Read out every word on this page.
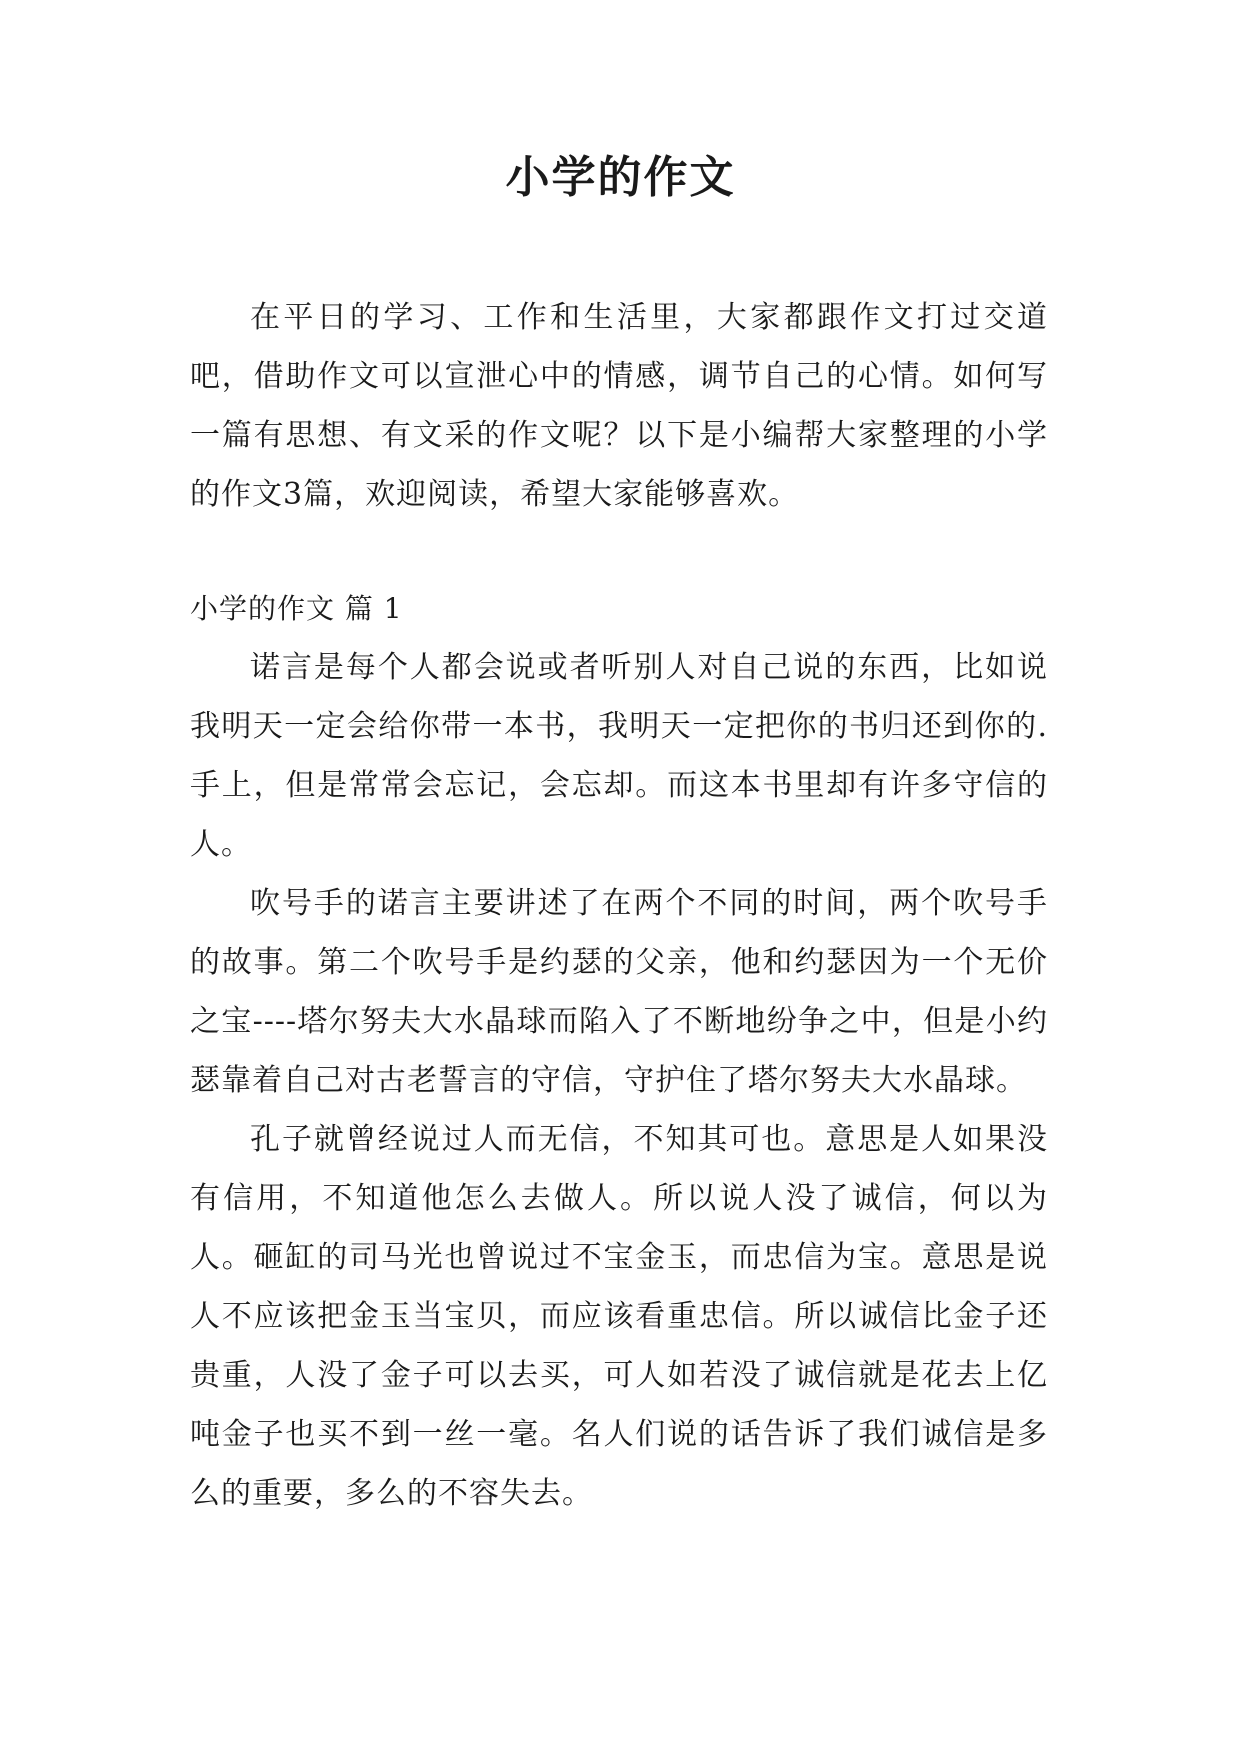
小学的作文

在平日的学习、工作和生活里，大家都跟作文打过交道吧，借助作文可以宣泄心中的情感，调节自己的心情。如何写一篇有思想、有文采的作文呢？以下是小编帮大家整理的小学的作文3篇，欢迎阅读，希望大家能够喜欢。

小学的作文 篇 1

诺言是每个人都会说或者听别人对自己说的东西，比如说我明天一定会给你带一本书，我明天一定把你的书归还到你的.手上，但是常常会忘记，会忘却。而这本书里却有许多守信的人。

吹号手的诺言主要讲述了在两个不同的时间，两个吹号手的故事。第二个吹号手是约瑟的父亲，他和约瑟因为一个无价之宝----塔尔努夫大水晶球而陷入了不断地纷争之中，但是小约瑟靠着自己对古老誓言的守信，守护住了塔尔努夫大水晶球。

孔子就曾经说过人而无信，不知其可也。意思是人如果没有信用，不知道他怎么去做人。所以说人没了诚信，何以为人。砸缸的司马光也曾说过不宝金玉，而忠信为宝。意思是说人不应该把金玉当宝贝，而应该看重忠信。所以诚信比金子还贵重，人没了金子可以去买，可人如若没了诚信就是花去上亿吨金子也买不到一丝一毫。名人们说的话告诉了我们诚信是多么的重要，多么的不容失去。
